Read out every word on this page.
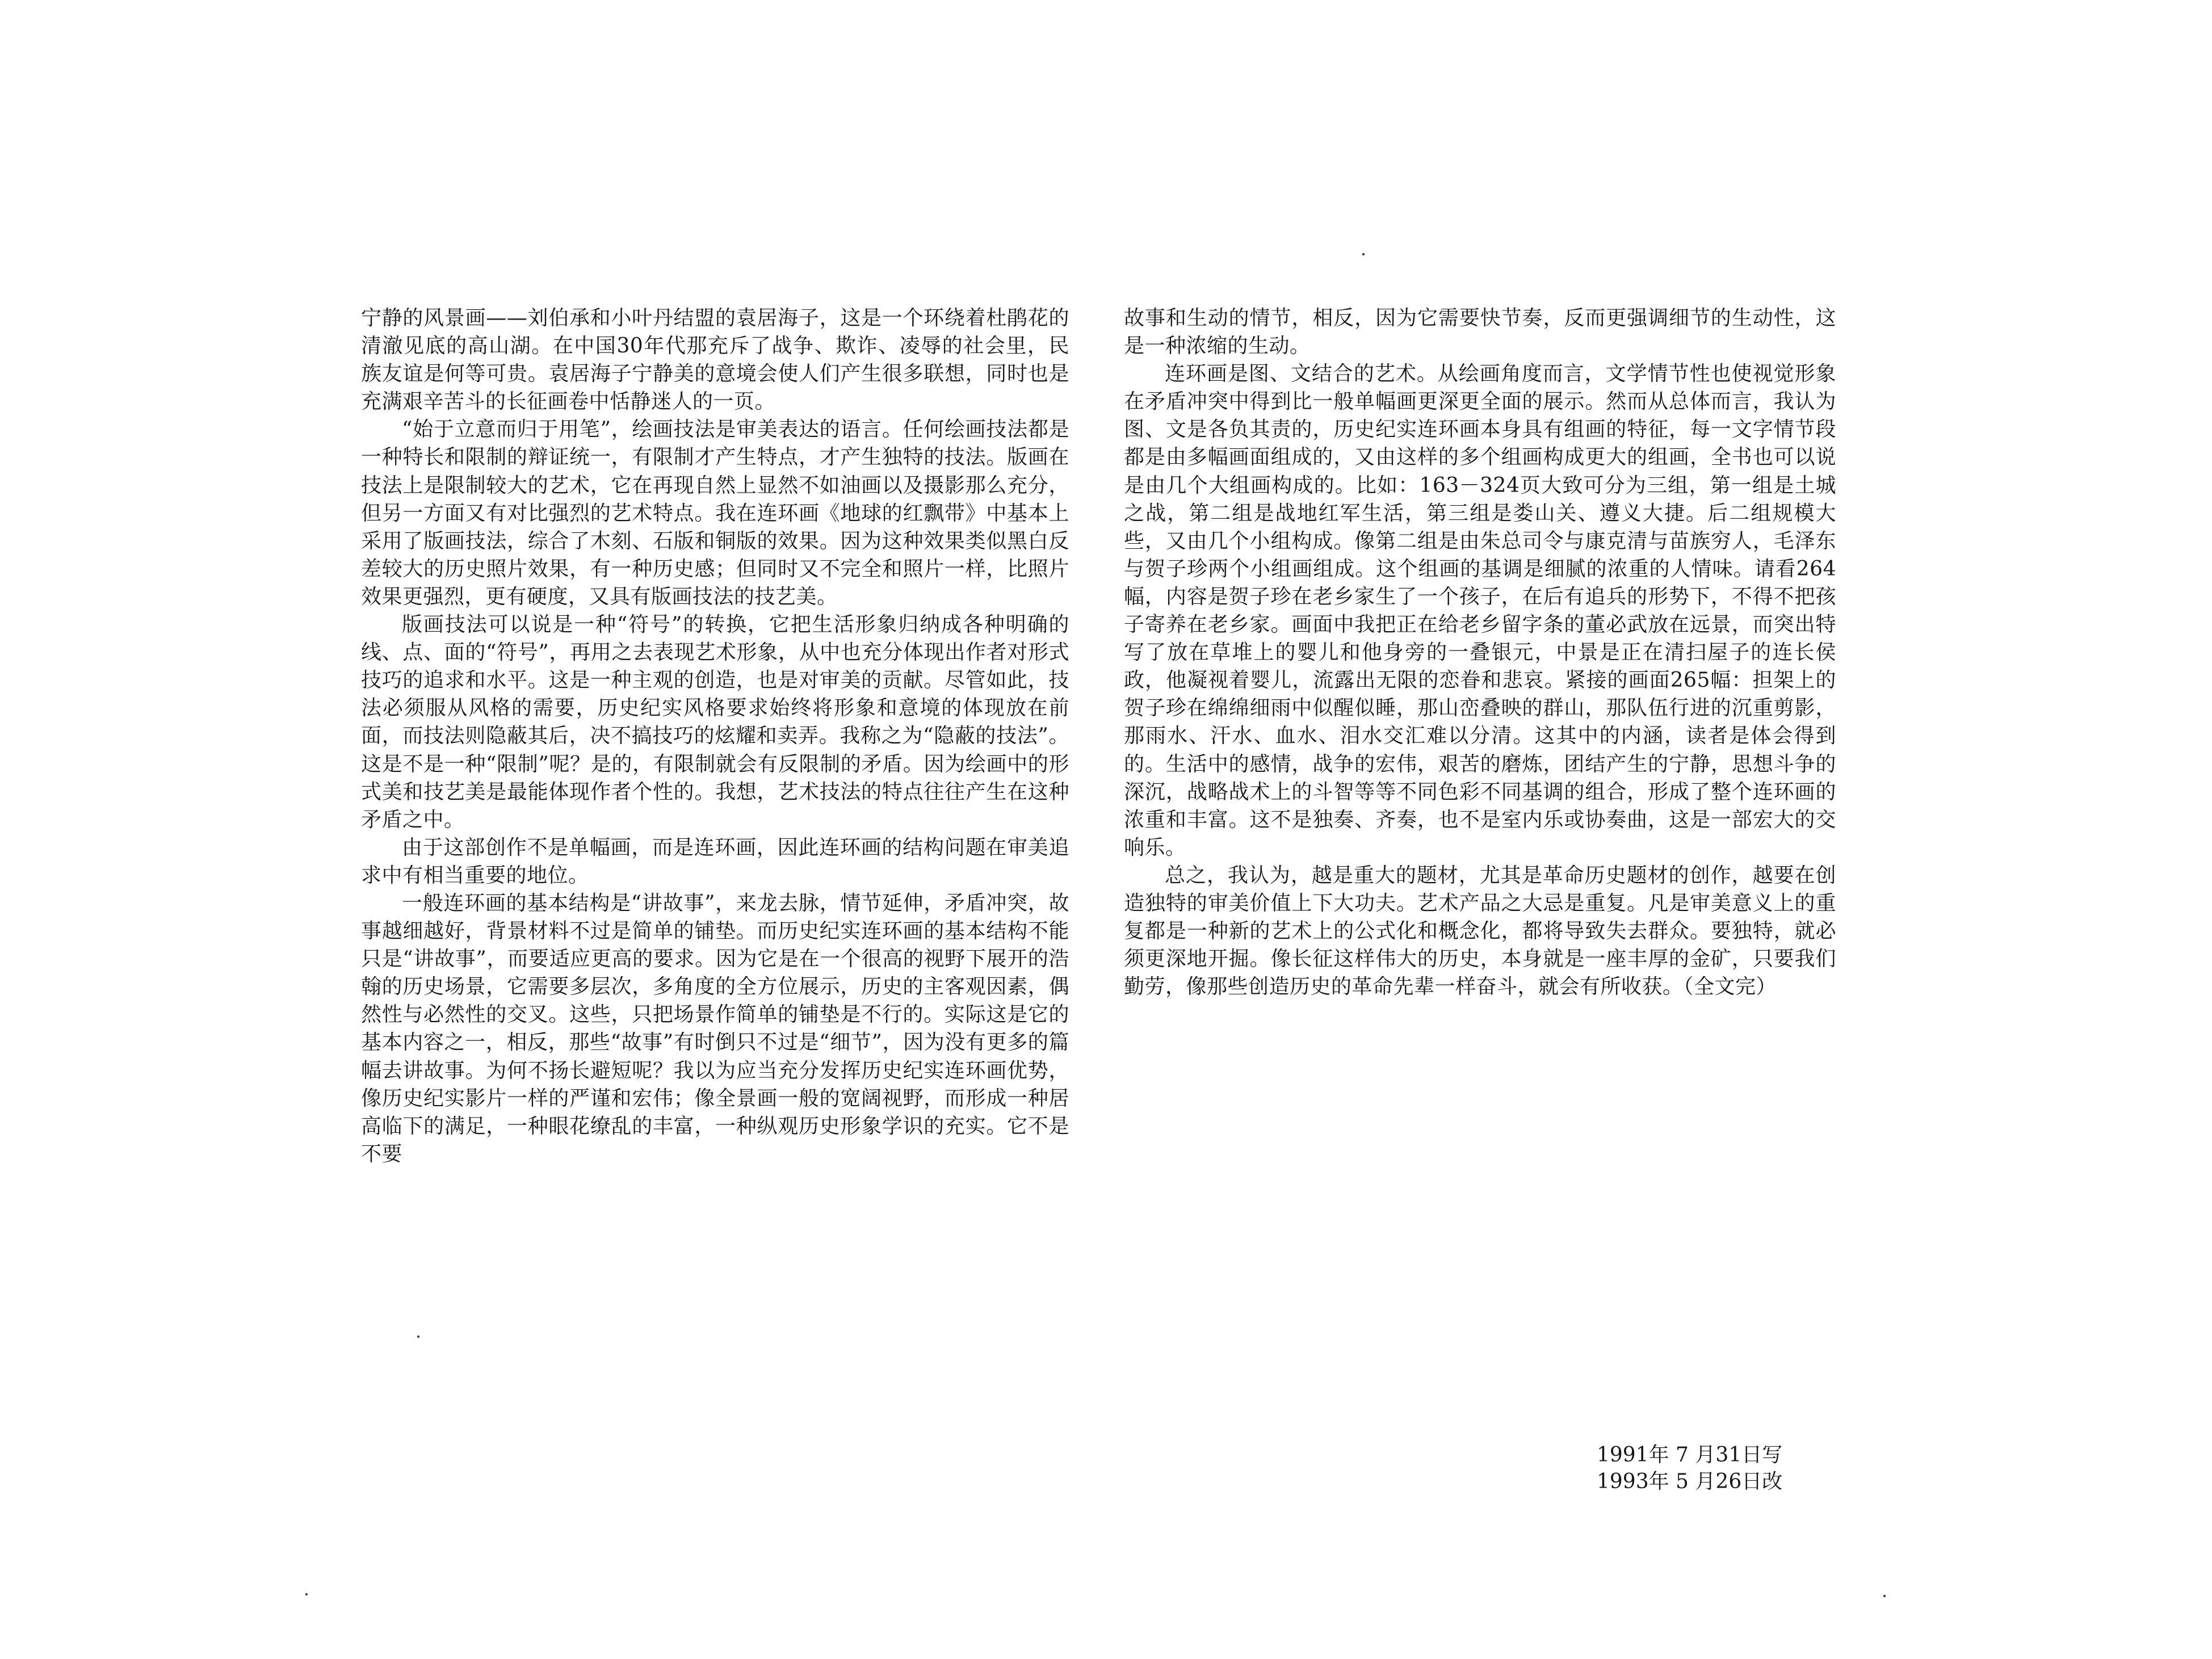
宁静的风景画——刘伯承和小叶丹结盟的袁居海子，这是一个环绕着杜鹃花的清澈见底的高山湖。在中国30年代那充斥了战争、欺诈、凌辱的社会里，民族友谊是何等可贵。袁居海子宁静美的意境会使人们产生很多联想，同时也是充满艰辛苦斗的长征画卷中恬静迷人的一页。

“始于立意而归于用笔”，绘画技法是审美表达的语言。任何绘画技法都是一种特长和限制的辩证统一，有限制才产生特点，才产生独特的技法。版画在技法上是限制较大的艺术，它在再现自然上显然不如油画以及摄影那么充分，但另一方面又有对比强烈的艺术特点。我在连环画《地球的红飘带》中基本上采用了版画技法，综合了木刻、石版和铜版的效果。因为这种效果类似黑白反差较大的历史照片效果，有一种历史感；但同时又不完全和照片一样，比照片效果更强烈，更有硬度，又具有版画技法的技艺美。

版画技法可以说是一种“符号”的转换，它把生活形象归纳成各种明确的线、点、面的“符号”，再用之去表现艺术形象，从中也充分体现出作者对形式技巧的追求和水平。这是一种主观的创造，也是对审美的贡献。尽管如此，技法必须服从风格的需要，历史纪实风格要求始终将形象和意境的体现放在前面，而技法则隐蔽其后，决不搞技巧的炫耀和卖弄。我称之为“隐蔽的技法”。这是不是一种“限制”呢？是的，有限制就会有反限制的矛盾。因为绘画中的形式美和技艺美是最能体现作者个性的。我想，艺术技法的特点往往产生在这种矛盾之中。

由于这部创作不是单幅画，而是连环画，因此连环画的结构问题在审美追求中有相当重要的地位。

一般连环画的基本结构是“讲故事”，来龙去脉，情节延伸，矛盾冲突，故事越细越好，背景材料不过是简单的铺垫。而历史纪实连环画的基本结构不能只是“讲故事”，而要适应更高的要求。因为它是在一个很高的视野下展开的浩翰的历史场景，它需要多层次，多角度的全方位展示，历史的主客观因素，偶然性与必然性的交叉。这些，只把场景作简单的铺垫是不行的。实际这是它的基本内容之一，相反，那些“故事”有时倒只不过是“细节”，因为没有更多的篇幅去讲故事。为何不扬长避短呢？我以为应当充分发挥历史纪实连环画优势，像历史纪实影片一样的严谨和宏伟；像全景画一般的宽阔视野，而形成一种居高临下的满足，一种眼花缭乱的丰富，一种纵观历史形象学识的充实。它不是不要

故事和生动的情节，相反，因为它需要快节奏，反而更强调细节的生动性，这是一种浓缩的生动。

连环画是图、文结合的艺术。从绘画角度而言，文学情节性也使视觉形象在矛盾冲突中得到比一般单幅画更深更全面的展示。然而从总体而言，我认为图、文是各负其责的，历史纪实连环画本身具有组画的特征，每一文字情节段都是由多幅画面组成的，又由这样的多个组画构成更大的组画，全书也可以说是由几个大组画构成的。比如：163－324页大致可分为三组，第一组是土城之战，第二组是战地红军生活，第三组是娄山关、遵义大捷。后二组规模大些，又由几个小组构成。像第二组是由朱总司令与康克清与苗族穷人，毛泽东与贺子珍两个小组画组成。这个组画的基调是细腻的浓重的人情味。请看264幅，内容是贺子珍在老乡家生了一个孩子，在后有追兵的形势下，不得不把孩子寄养在老乡家。画面中我把正在给老乡留字条的董必武放在远景，而突出特写了放在草堆上的婴儿和他身旁的一叠银元，中景是正在清扫屋子的连长侯政，他凝视着婴儿，流露出无限的恋眷和悲哀。紧接的画面265幅：担架上的贺子珍在绵绵细雨中似醒似睡，那山峦叠映的群山，那队伍行进的沉重剪影，那雨水、汗水、血水、泪水交汇难以分清。这其中的内涵，读者是体会得到的。生活中的感情，战争的宏伟，艰苦的磨炼，团结产生的宁静，思想斗争的深沉，战略战术上的斗智等等不同色彩不同基调的组合，形成了整个连环画的浓重和丰富。这不是独奏、齐奏，也不是室内乐或协奏曲，这是一部宏大的交响乐。

总之，我认为，越是重大的题材，尤其是革命历史题材的创作，越要在创造独特的审美价值上下大功夫。艺术产品之大忌是重复。凡是审美意义上的重复都是一种新的艺术上的公式化和概念化，都将导致失去群众。要独特，就必须更深地开掘。像长征这样伟大的历史，本身就是一座丰厚的金矿，只要我们勤劳，像那些创造历史的革命先辈一样奋斗，就会有所收获。（全文完）

1991年 7 月31日写
1993年 5 月26日改
